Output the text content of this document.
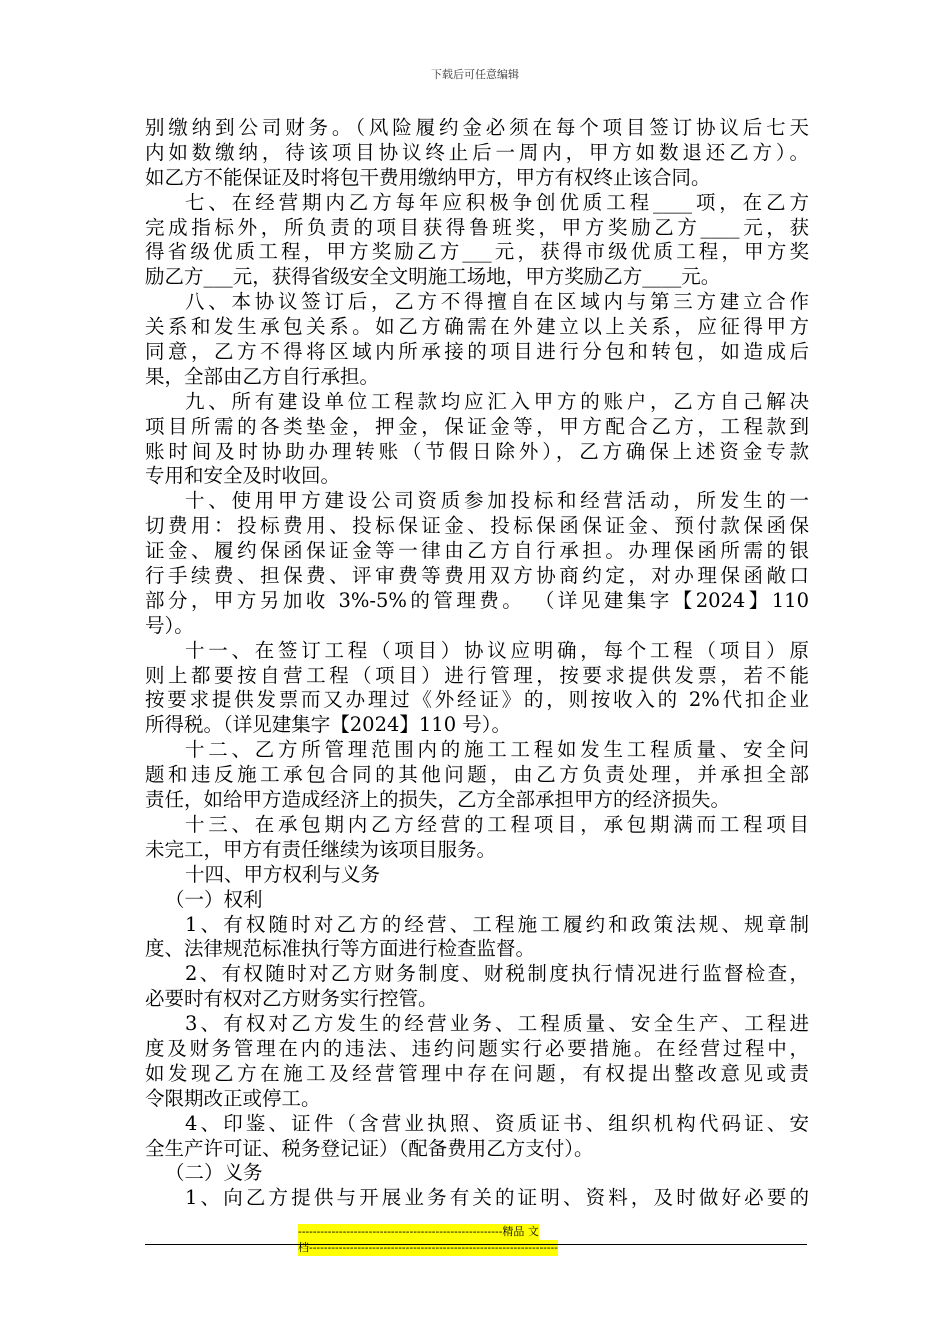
下载后可任意编辑
别缴纳到公司财务。（风险履约金必须在每个项目签订协议后七天
内如数缴纳，待该项目协议终止后一周内，甲方如数退还乙方）。
如乙方不能保证及时将包干费用缴纳甲方，甲方有权终止该合同。
七、在经营期内乙方每年应积极争创优质工程____项，在乙方
完成指标外，所负责的项目获得鲁班奖，甲方奖励乙方____元，获
得省级优质工程，甲方奖励乙方___元，获得市级优质工程，甲方奖
励乙方___元，获得省级安全文明施工场地，甲方奖励乙方____元。
八、本协议签订后，乙方不得擅自在区域内与第三方建立合作
关系和发生承包关系。如乙方确需在外建立以上关系，应征得甲方
同意，乙方不得将区域内所承接的项目进行分包和转包，如造成后
果，全部由乙方自行承担。
九、所有建设单位工程款均应汇入甲方的账户，乙方自己解决
项目所需的各类垫金，押金，保证金等，甲方配合乙方，工程款到
账时间及时协助办理转账（节假日除外），乙方确保上述资金专款
专用和安全及时收回。
十、使用甲方建设公司资质参加投标和经营活动，所发生的一
切费用：投标费用、投标保证金、投标保函保证金、预付款保函保
证金、履约保函保证金等一律由乙方自行承担。办理保函所需的银
行手续费、担保费、评审费等费用双方协商约定，对办理保函敞口
部分，甲方另加收 3%-5%的管理费。 （详见建集字【2024】110
号）。
十一、在签订工程（项目）协议应明确，每个工程（项目）原
则上都要按自营工程（项目）进行管理，按要求提供发票，若不能
按要求提供发票而又办理过《外经证》的，则按收入的 2%代扣企业
所得税。（详见建集字【2024】110 号）。
十二、乙方所管理范围内的施工工程如发生工程质量、安全问
题和违反施工承包合同的其他问题，由乙方负责处理，并承担全部
责任，如给甲方造成经济上的损失，乙方全部承担甲方的经济损失。
十三、在承包期内乙方经营的工程项目，承包期满而工程项目
未完工，甲方有责任继续为该项目服务。
十四、甲方权利与义务
（一）权利
1、有权随时对乙方的经营、工程施工履约和政策法规、规章制
度、法律规范标准执行等方面进行检查监督。
2、有权随时对乙方财务制度、财税制度执行情况进行监督检查，
必要时有权对乙方财务实行控管。
3、有权对乙方发生的经营业务、工程质量、安全生产、工程进
度及财务管理在内的违法、违约问题实行必要措施。在经营过程中，
如发现乙方在施工及经营管理中存在问题，有权提出整改意见或责
令限期改正或停工。
4、印鉴、证件（含营业执照、资质证书、组织机构代码证、安
全生产许可证、税务登记证）（配备费用乙方支付）。
（二）义务
1、向乙方提供与开展业务有关的证明、资料，及时做好必要的
-------------------------------------------------------精品 文
档-------------------------------------------------------------------
